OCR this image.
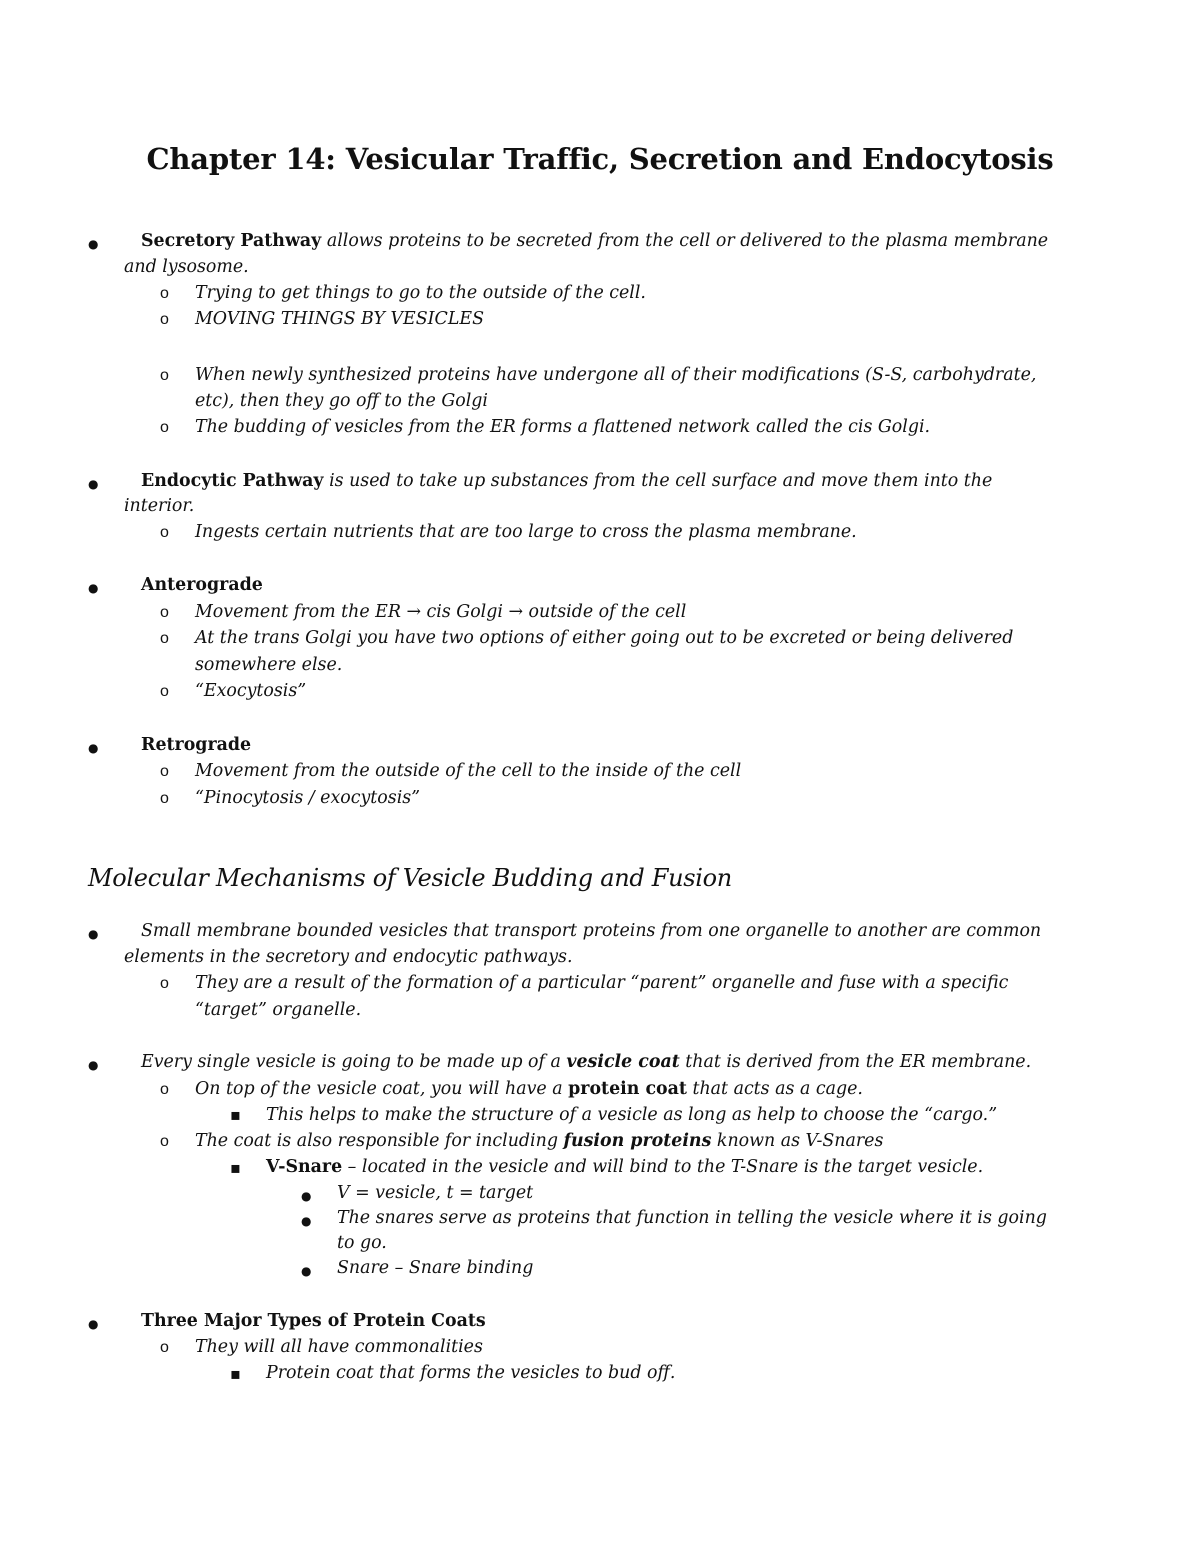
Chapter 14: Vesicular Traffic, Secretion and Endocytosis
●
Secretory Pathway allows proteins to be secreted from the cell or delivered to the plasma membrane
and lysosome.
o
Trying to get things to go to the outside of the cell.
o
MOVING THINGS BY VESICLES
o
When newly synthesized proteins have undergone all of their modifications (S-S, carbohydrate,
etc), then they go off to the Golgi
o
The budding of vesicles from the ER forms a flattened network called the cis Golgi.
●
Endocytic Pathway is used to take up substances from the cell surface and move them into the
interior.
o
Ingests certain nutrients that are too large to cross the plasma membrane.
●
Anterograde
o
Movement from the ER → cis Golgi → outside of the cell
o
At the trans Golgi you have two options of either going out to be excreted or being delivered
somewhere else.
o
“Exocytosis”
●
Retrograde
o
Movement from the outside of the cell to the inside of the cell
o
“Pinocytosis / exocytosis”
Molecular Mechanisms of Vesicle Budding and Fusion
●
Small membrane bounded vesicles that transport proteins from one organelle to another are common
elements in the secretory and endocytic pathways.
o
They are a result of the formation of a particular “parent” organelle and fuse with a specific
“target” organelle.
●
Every single vesicle is going to be made up of a vesicle coat that is derived from the ER membrane.
o
On top of the vesicle coat, you will have a protein coat that acts as a cage.
▪
This helps to make the structure of a vesicle as long as help to choose the “cargo.”
o
The coat is also responsible for including fusion proteins known as V-Snares
▪
V-Snare – located in the vesicle and will bind to the T-Snare is the target vesicle.
●
V = vesicle, t = target
●
The snares serve as proteins that function in telling the vesicle where it is going
to go.
●
Snare – Snare binding
●
Three Major Types of Protein Coats
o
They will all have commonalities
▪
Protein coat that forms the vesicles to bud off.
